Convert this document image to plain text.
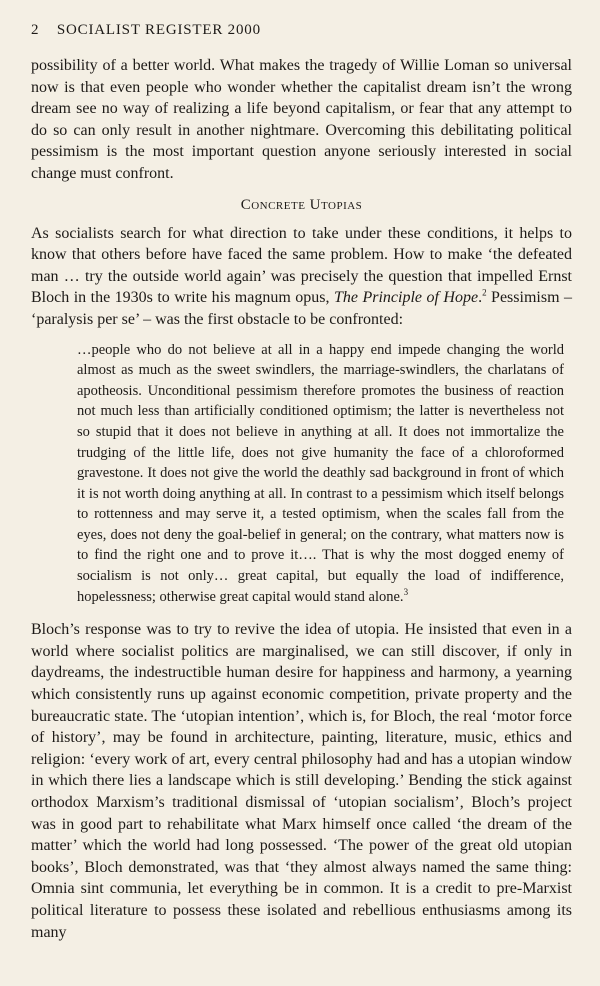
2 SOCIALIST REGISTER 2000

possibility of a better world. What makes the tragedy of Willie Loman so universal now is that even people who wonder whether the capitalist dream isn’t the wrong dream see no way of realizing a life beyond capitalism, or fear that any attempt to do so can only result in another nightmare. Overcoming this debilitating political pessimism is the most important question anyone seriously interested in social change must confront.

Concrete Utopias

As socialists search for what direction to take under these conditions, it helps to know that others before have faced the same problem. How to make ‘the defeated man … try the outside world again’ was precisely the question that impelled Ernst Bloch in the 1930s to write his magnum opus, The Principle of Hope.$^2$ Pessimism – ‘paralysis per se’ – was the first obstacle to be confronted:

…people who do not believe at all in a happy end impede changing the world almost as much as the sweet swindlers, the marriage-swindlers, the charlatans of apotheosis. Unconditional pessimism therefore promotes the business of reaction not much less than artificially conditioned optimism; the latter is nevertheless not so stupid that it does not believe in anything at all. It does not immortalize the trudging of the little life, does not give humanity the face of a chloroformed gravestone. It does not give the world the deathly sad background in front of which it is not worth doing anything at all. In contrast to a pessimism which itself belongs to rottenness and may serve it, a tested optimism, when the scales fall from the eyes, does not deny the goal-belief in general; on the contrary, what matters now is to find the right one and to prove it…. That is why the most dogged enemy of socialism is not only… great capital, but equally the load of indifference, hopelessness; otherwise great capital would stand alone.$^3$

Bloch’s response was to try to revive the idea of utopia. He insisted that even in a world where socialist politics are marginalised, we can still discover, if only in daydreams, the indestructible human desire for happiness and harmony, a yearning which consistently runs up against economic competition, private property and the bureaucratic state. The ‘utopian intention’, which is, for Bloch, the real ‘motor force of history’, may be found in architecture, painting, literature, music, ethics and religion: ‘every work of art, every central philosophy had and has a utopian window in which there lies a landscape which is still developing.’ Bending the stick against orthodox Marxism’s traditional dismissal of ‘utopian socialism’, Bloch’s project was in good part to rehabilitate what Marx himself once called ‘the dream of the matter’ which the world had long possessed. ‘The power of the great old utopian books’, Bloch demonstrated, was that ‘they almost always named the same thing: Omnia sint communia, let everything be in common. It is a credit to pre-Marxist political literature to possess these isolated and rebellious enthusiasms among its many
